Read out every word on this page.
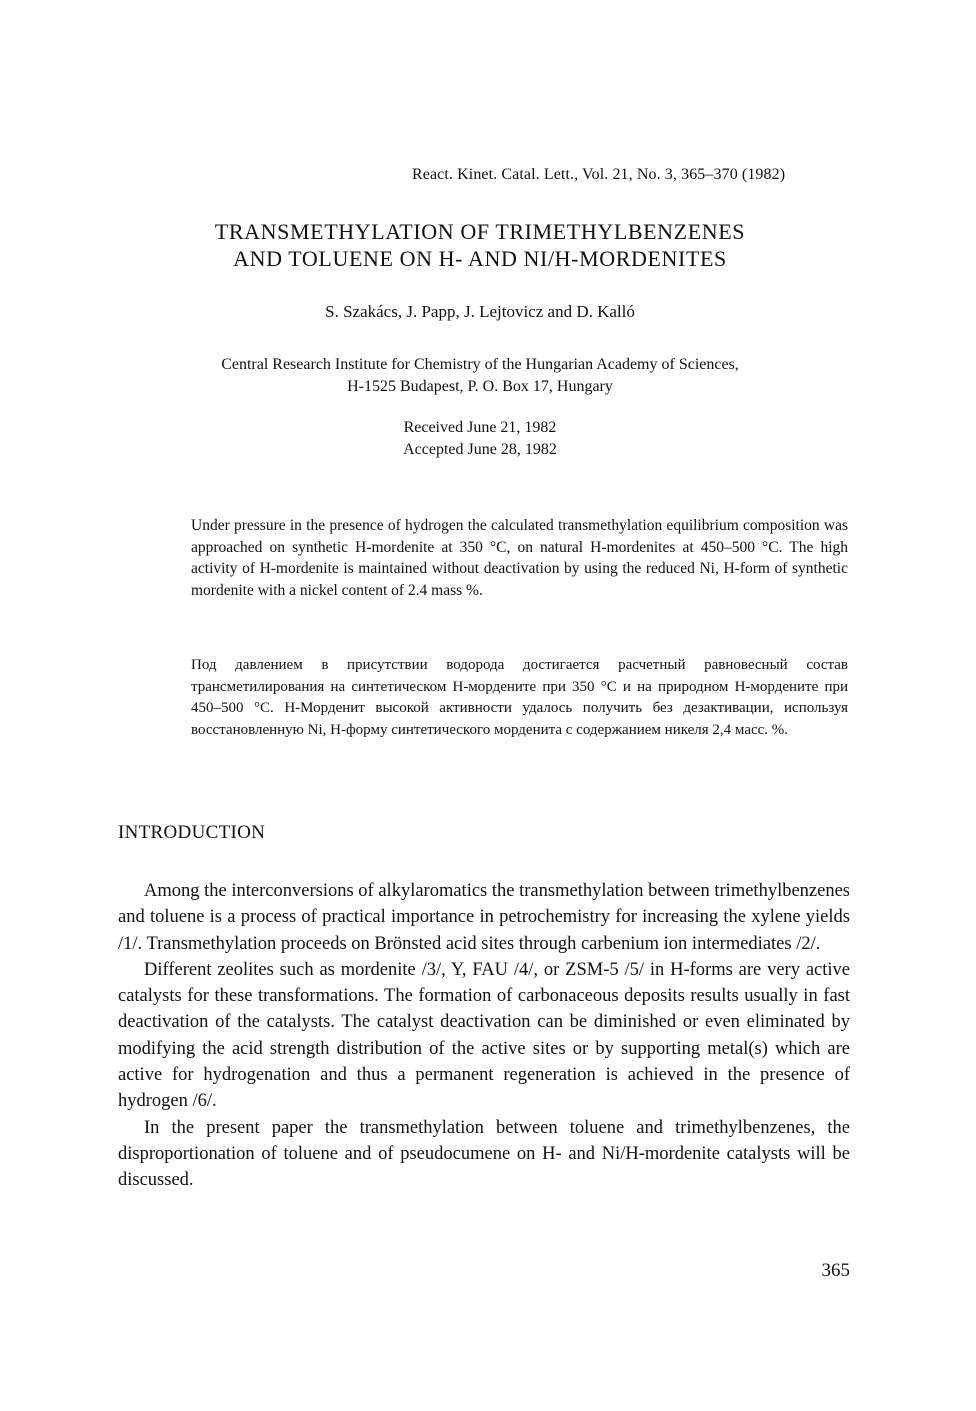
React. Kinet. Catal. Lett., Vol. 21, No. 3, 365–370 (1982)
TRANSMETHYLATION OF TRIMETHYLBENZENES
AND TOLUENE ON H- AND NI/H-MORDENITES
S. Szakács, J. Papp, J. Lejtovicz and D. Kalló
Central Research Institute for Chemistry of the Hungarian Academy of Sciences,
H-1525 Budapest, P. O. Box 17, Hungary
Received June 21, 1982
Accepted June 28, 1982
Under pressure in the presence of hydrogen the calculated transmethylation equilibrium composition was approached on synthetic H-mordenite at 350 °C, on natural H-mordenites at 450–500 °C. The high activity of H-mordenite is maintained without deactivation by using the reduced Ni, H-form of synthetic mordenite with a nickel content of 2.4 mass %.
Под давлением в присутствии водорода достигается расчетный равновесный состав трансметилирования на синтетическом Н-мордените при 350 °С и на природном Н-мордените при 450–500 °С. Н-Морденит высокой активности удалось получить без дезактивации, используя восстановленную Ni, Н-форму синтетического морденита с содержанием никеля 2,4 масс. %.
INTRODUCTION

Among the interconversions of alkylaromatics the transmethylation between trimethylbenzenes and toluene is a process of practical importance in petrochemistry for increasing the xylene yields /1/. Transmethylation proceeds on Brönsted acid sites through carbenium ion intermediates /2/.

Different zeolites such as mordenite /3/, Y, FAU /4/, or ZSM-5 /5/ in H-forms are very active catalysts for these transformations. The formation of carbonaceous deposits results usually in fast deactivation of the catalysts. The catalyst deactivation can be diminished or even eliminated by modifying the acid strength distribution of the active sites or by supporting metal(s) which are active for hydrogenation and thus a permanent regeneration is achieved in the presence of hydrogen /6/.

In the present paper the transmethylation between toluene and trimethylbenzenes, the disproportionation of toluene and of pseudocumene on H- and Ni/H-mordenite catalysts will be discussed.

365
